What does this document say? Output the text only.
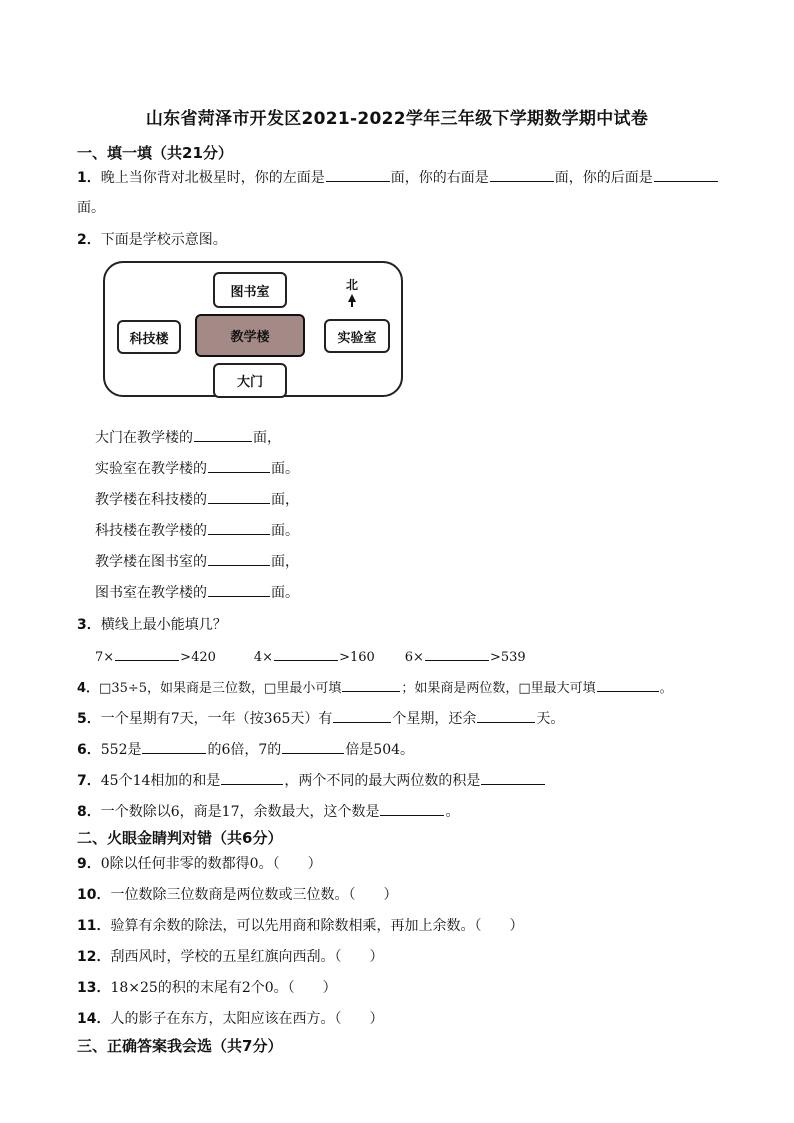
山东省菏泽市开发区2021-2022学年三年级下学期数学期中试卷
一、填一填（共21分）
1．晚上当你背对北极星时，你的左面是	面，你的右面是	面，你的后面是
面。
2．下面是学校示意图。
图书室
教学楼
科技楼	实验室
大门
北
大门在教学楼的	面，
实验室在教学楼的	面。
教学楼在科技楼的	面，
科技楼在教学楼的	面。
教学楼在图书室的	面，
图书室在教学楼的	面。
3．横线上最小能填几？
7×	>420	4×	>160 6×	>539
4．□35÷5，如果商是三位数，□里最小可填	；如果商是两位数，□里最大可填	。
5．一个星期有7天，一年（按365天）有	个星期，还余	天。
6．552是	的6倍，7的	倍是504。
7．45个14相加的和是	，两个不同的最大两位数的积是
8．一个数除以6，商是17，余数最大，这个数是	。
二、火眼金睛判对错（共6分）
9．0除以任何非零的数都得0。（ ）
10．一位数除三位数商是两位数或三位数。（ ）
11．验算有余数的除法，可以先用商和除数相乘，再加上余数。（ ）
12．刮西风时，学校的五星红旗向西刮。（ ）
13．18×25的积的末尾有2个0。（ ）
14．人的影子在东方，太阳应该在西方。（ ）
三、正确答案我会选（共7分）
